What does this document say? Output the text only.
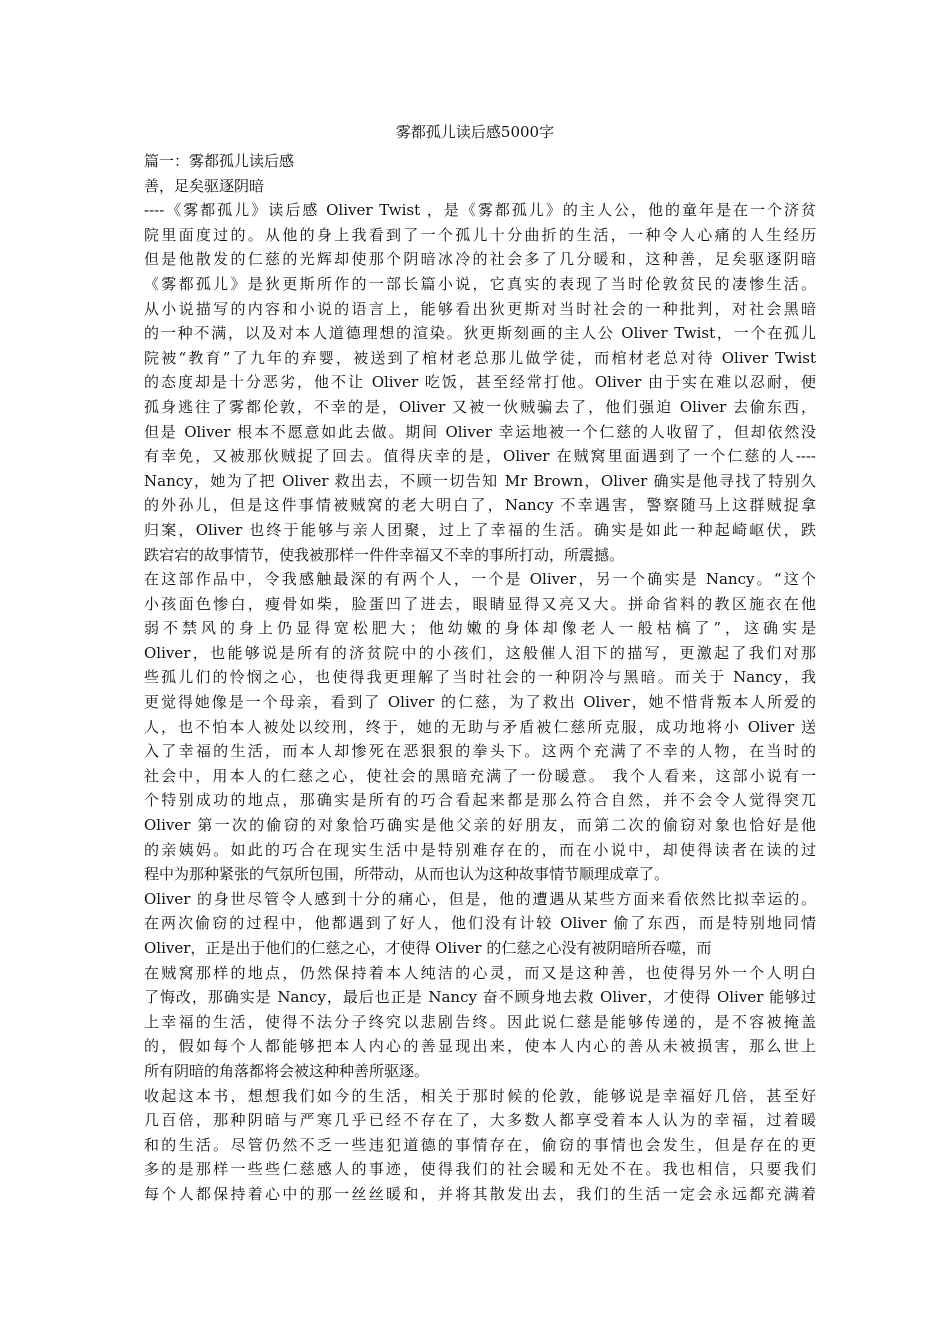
雾都孤儿读后感5000字
篇一：雾都孤儿读后感
善，足矣驱逐阴暗
----《雾都孤儿》读后感 Oliver Twist ，是《雾都孤儿》的主人公，他的童年是在一个济贫
院里面度过的。从他的身上我看到了一个孤儿十分曲折的生活，一种令人心痛的人生经历
但是他散发的仁慈的光辉却使那个阴暗冰冷的社会多了几分暖和，这种善，足矣驱逐阴暗
《雾都孤儿》是狄更斯所作的一部长篇小说，它真实的表现了当时伦敦贫民的凄惨生活。
从小说描写的内容和小说的语言上，能够看出狄更斯对当时社会的一种批判，对社会黑暗
的一种不满，以及对本人道德理想的渲染。狄更斯刻画的主人公 Oliver Twist，一个在孤儿
院被“教育”了九年的弃婴，被送到了棺材老总那儿做学徒，而棺材老总对待 Oliver Twist
的态度却是十分恶劣，他不让 Oliver 吃饭，甚至经常打他。Oliver 由于实在难以忍耐，便
孤身逃往了雾都伦敦，不幸的是，Oliver 又被一伙贼骗去了，他们强迫 Oliver 去偷东西，
但是 Oliver 根本不愿意如此去做。期间 Oliver 幸运地被一个仁慈的人收留了，但却依然没
有幸免，又被那伙贼捉了回去。值得庆幸的是，Oliver 在贼窝里面遇到了一个仁慈的人----
Nancy，她为了把 Oliver 救出去，不顾一切告知 Mr Brown，Oliver 确实是他寻找了特别久
的外孙儿，但是这件事情被贼窝的老大明白了，Nancy 不幸遇害，警察随马上这群贼捉拿
归案，Oliver 也终于能够与亲人团聚，过上了幸福的生活。确实是如此一种起崎岖伏，跌
跌宕宕的故事情节，使我被那样一件件幸福又不幸的事所打动，所震撼。
在这部作品中，令我感触最深的有两个人，一个是 Oliver，另一个确实是 Nancy。“这个
小孩面色惨白，瘦骨如柴，脸蛋凹了进去，眼睛显得又亮又大。拼命省料的教区施衣在他
弱不禁风的身上仍显得宽松肥大；他幼嫩的身体却像老人一般枯槁了”，这确实是
Oliver，也能够说是所有的济贫院中的小孩们，这般催人泪下的描写，更激起了我们对那
些孤儿们的怜悯之心，也使得我更理解了当时社会的一种阴冷与黑暗。而关于 Nancy，我
更觉得她像是一个母亲，看到了 Oliver 的仁慈，为了救出 Oliver，她不惜背叛本人所爱的
人，也不怕本人被处以绞刑，终于，她的无助与矛盾被仁慈所克服，成功地将小 Oliver 送
入了幸福的生活，而本人却惨死在恶狠狠的拳头下。这两个充满了不幸的人物，在当时的
社会中，用本人的仁慈之心，使社会的黑暗充满了一份暖意。 我个人看来，这部小说有一
个特别成功的地点，那确实是所有的巧合看起来都是那么符合自然，并不会令人觉得突兀
Oliver 第一次的偷窃的对象恰巧确实是他父亲的好朋友，而第二次的偷窃对象也恰好是他
的亲姨妈。如此的巧合在现实生活中是特别难存在的，而在小说中，却使得读者在读的过
程中为那种紧张的气氛所包围，所带动，从而也认为这种故事情节顺理成章了。
Oliver 的身世尽管令人感到十分的痛心，但是，他的遭遇从某些方面来看依然比拟幸运的。
在两次偷窃的过程中，他都遇到了好人，他们没有计较 Oliver 偷了东西，而是特别地同情
Oliver，正是出于他们的仁慈之心，才使得 Oliver 的仁慈之心没有被阴暗所吞噬，而
在贼窝那样的地点，仍然保持着本人纯洁的心灵，而又是这种善，也使得另外一个人明白
了悔改，那确实是 Nancy，最后也正是 Nancy 奋不顾身地去救 Oliver，才使得 Oliver 能够过
上幸福的生活，使得不法分子终究以悲剧告终。因此说仁慈是能够传递的，是不容被掩盖
的，假如每个人都能够把本人内心的善显现出来，使本人内心的善从未被损害，那么世上
所有阴暗的角落都将会被这种种善所驱逐。
收起这本书，想想我们如今的生活，相关于那时候的伦敦，能够说是幸福好几倍，甚至好
几百倍，那种阴暗与严寒几乎已经不存在了，大多数人都享受着本人认为的幸福，过着暖
和的生活。尽管仍然不乏一些违犯道德的事情存在，偷窃的事情也会发生，但是存在的更
多的是那样一些些仁慈感人的事迹，使得我们的社会暖和无处不在。我也相信，只要我们
每个人都保持着心中的那一丝丝暖和，并将其散发出去，我们的生活一定会永远都充满着
